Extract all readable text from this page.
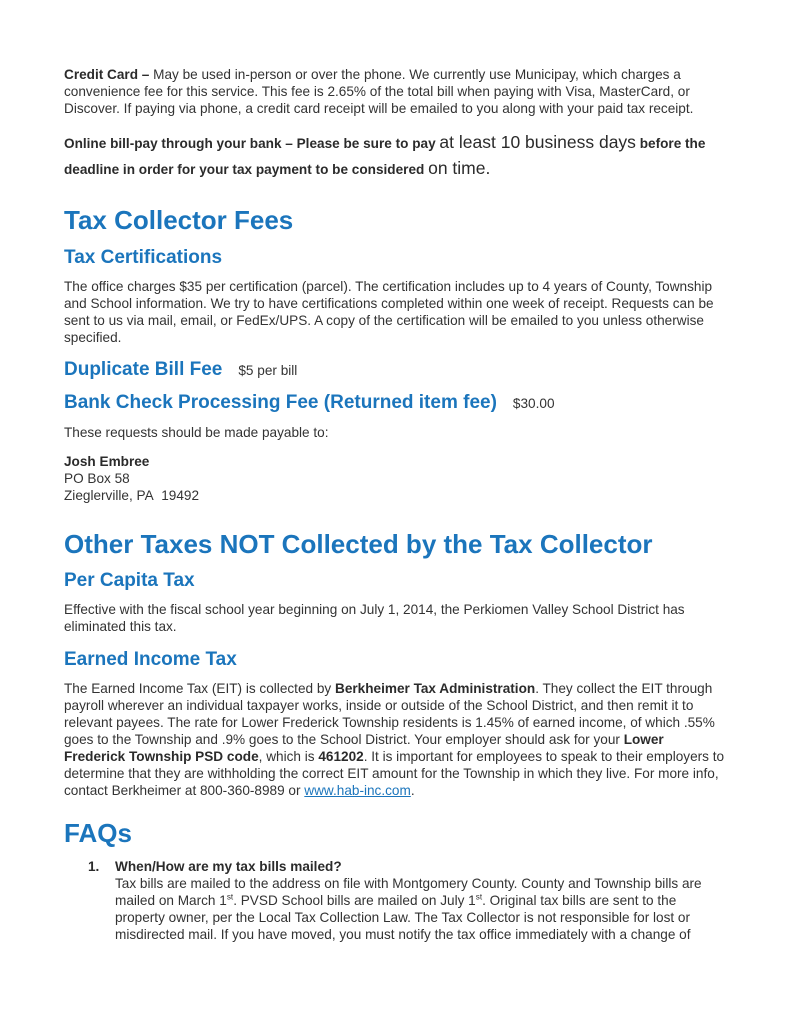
Credit Card – May be used in-person or over the phone. We currently use Municipay, which charges a convenience fee for this service. This fee is 2.65% of the total bill when paying with Visa, MasterCard, or Discover. If paying via phone, a credit card receipt will be emailed to you along with your paid tax receipt.

Online bill-pay through your bank – Please be sure to pay at least 10 business days before the deadline in order for your tax payment to be considered on time.

Tax Collector Fees
Tax Certifications

The office charges $35 per certification (parcel). The certification includes up to 4 years of County, Township and School information. We try to have certifications completed within one week of receipt. Requests can be sent to us via mail, email, or FedEx/UPS. A copy of the certification will be emailed to you unless otherwise specified.

Duplicate Bill Fee $5 per bill
Bank Check Processing Fee (Returned item fee) $30.00

These requests should be made payable to:

Josh Embree
PO Box 58
Zieglerville, PA  19492
Other Taxes NOT Collected by the Tax Collector
Per Capita Tax

Effective with the fiscal school year beginning on July 1, 2014, the Perkiomen Valley School District has eliminated this tax.

Earned Income Tax

The Earned Income Tax (EIT) is collected by Berkheimer Tax Administration. They collect the EIT through payroll wherever an individual taxpayer works, inside or outside of the School District, and then remit it to relevant payees. The rate for Lower Frederick Township residents is 1.45% of earned income, of which .55% goes to the Township and .9% goes to the School District. Your employer should ask for your Lower Frederick Township PSD code, which is 461202. It is important for employees to speak to their employers to determine that they are withholding the correct EIT amount for the Township in which they live. For more info, contact Berkheimer at 800-360-8989 or www.hab-inc.com.

FAQs
1.	When/How are my tax bills mailed?
Tax bills are mailed to the address on file with Montgomery County. County and Township bills are mailed on March 1st. PVSD School bills are mailed on July 1st. Original tax bills are sent to the property owner, per the Local Tax Collection Law. The Tax Collector is not responsible for lost or misdirected mail. If you have moved, you must notify the tax office immediately with a change of
